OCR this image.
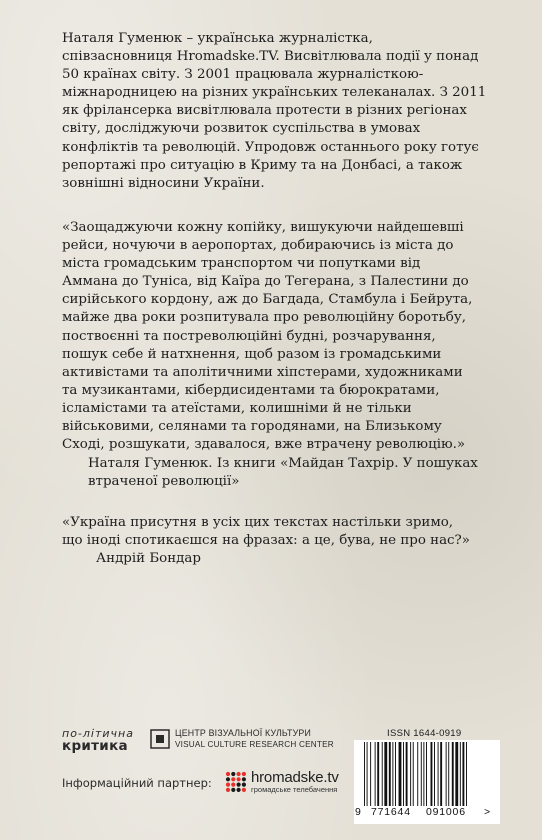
Наталя Гуменюк – українська журналістка,
співзасновниця Hromadske.TV. Висвітлювала події у понад
50 країнах світу. З 2001 працювала журналісткою-
міжнародницею на різних українських телеканалах. З 2011
як фрілансерка висвітлювала протести в різних регіонах
світу, досліджуючи розвиток суспільства в умовах
конфліктів та революцій. Упродовж останнього року готує
репортажі про ситуацію в Криму та на Донбасі, а також
зовнішні відносини України.
«Заощаджуючи кожну копійку, вишукуючи найдешевші
рейси, ночуючи в аеропортах, добираючись із міста до
міста громадським транспортом чи попутками від
Аммана до Туніса, від Каїра до Тегерана, з Палестини до
сирійського кордону, аж до Багдада, Стамбула і Бейрута,
майже два роки розпитувала про революційну боротьбу,
поствоєнні та постреволюційні будні, розчарування,
пошук себе й натхнення, щоб разом із громадськими
активістами та аполітичними хіпстерами, художниками
та музикантами, кібердисидентами та бюрократами,
ісламістами та атеїстами, колишніми й не тільки
військовими, селянами та городянами, на Близькому
Сході, розшукати, здавалося, вже втрачену революцію.»
Наталя Гуменюк. Із книги «Майдан Тахрір. У пошуках
втраченої революції»
«Україна присутня в усіх цих текстах настільки зримо,
що іноді спотикаєшся на фразах: а це, бува, не про нас?»
Андрій Бондар
по-літична
критика
ЦЕНТР ВІЗУАЛЬНОЇ КУЛЬТУРИ
VISUAL CULTURE RESEARCH CENTER
Інформаційний партнер:	hromadske.tv
громадське телебачення
ISSN 1644-0919
9 771644 091006 >
